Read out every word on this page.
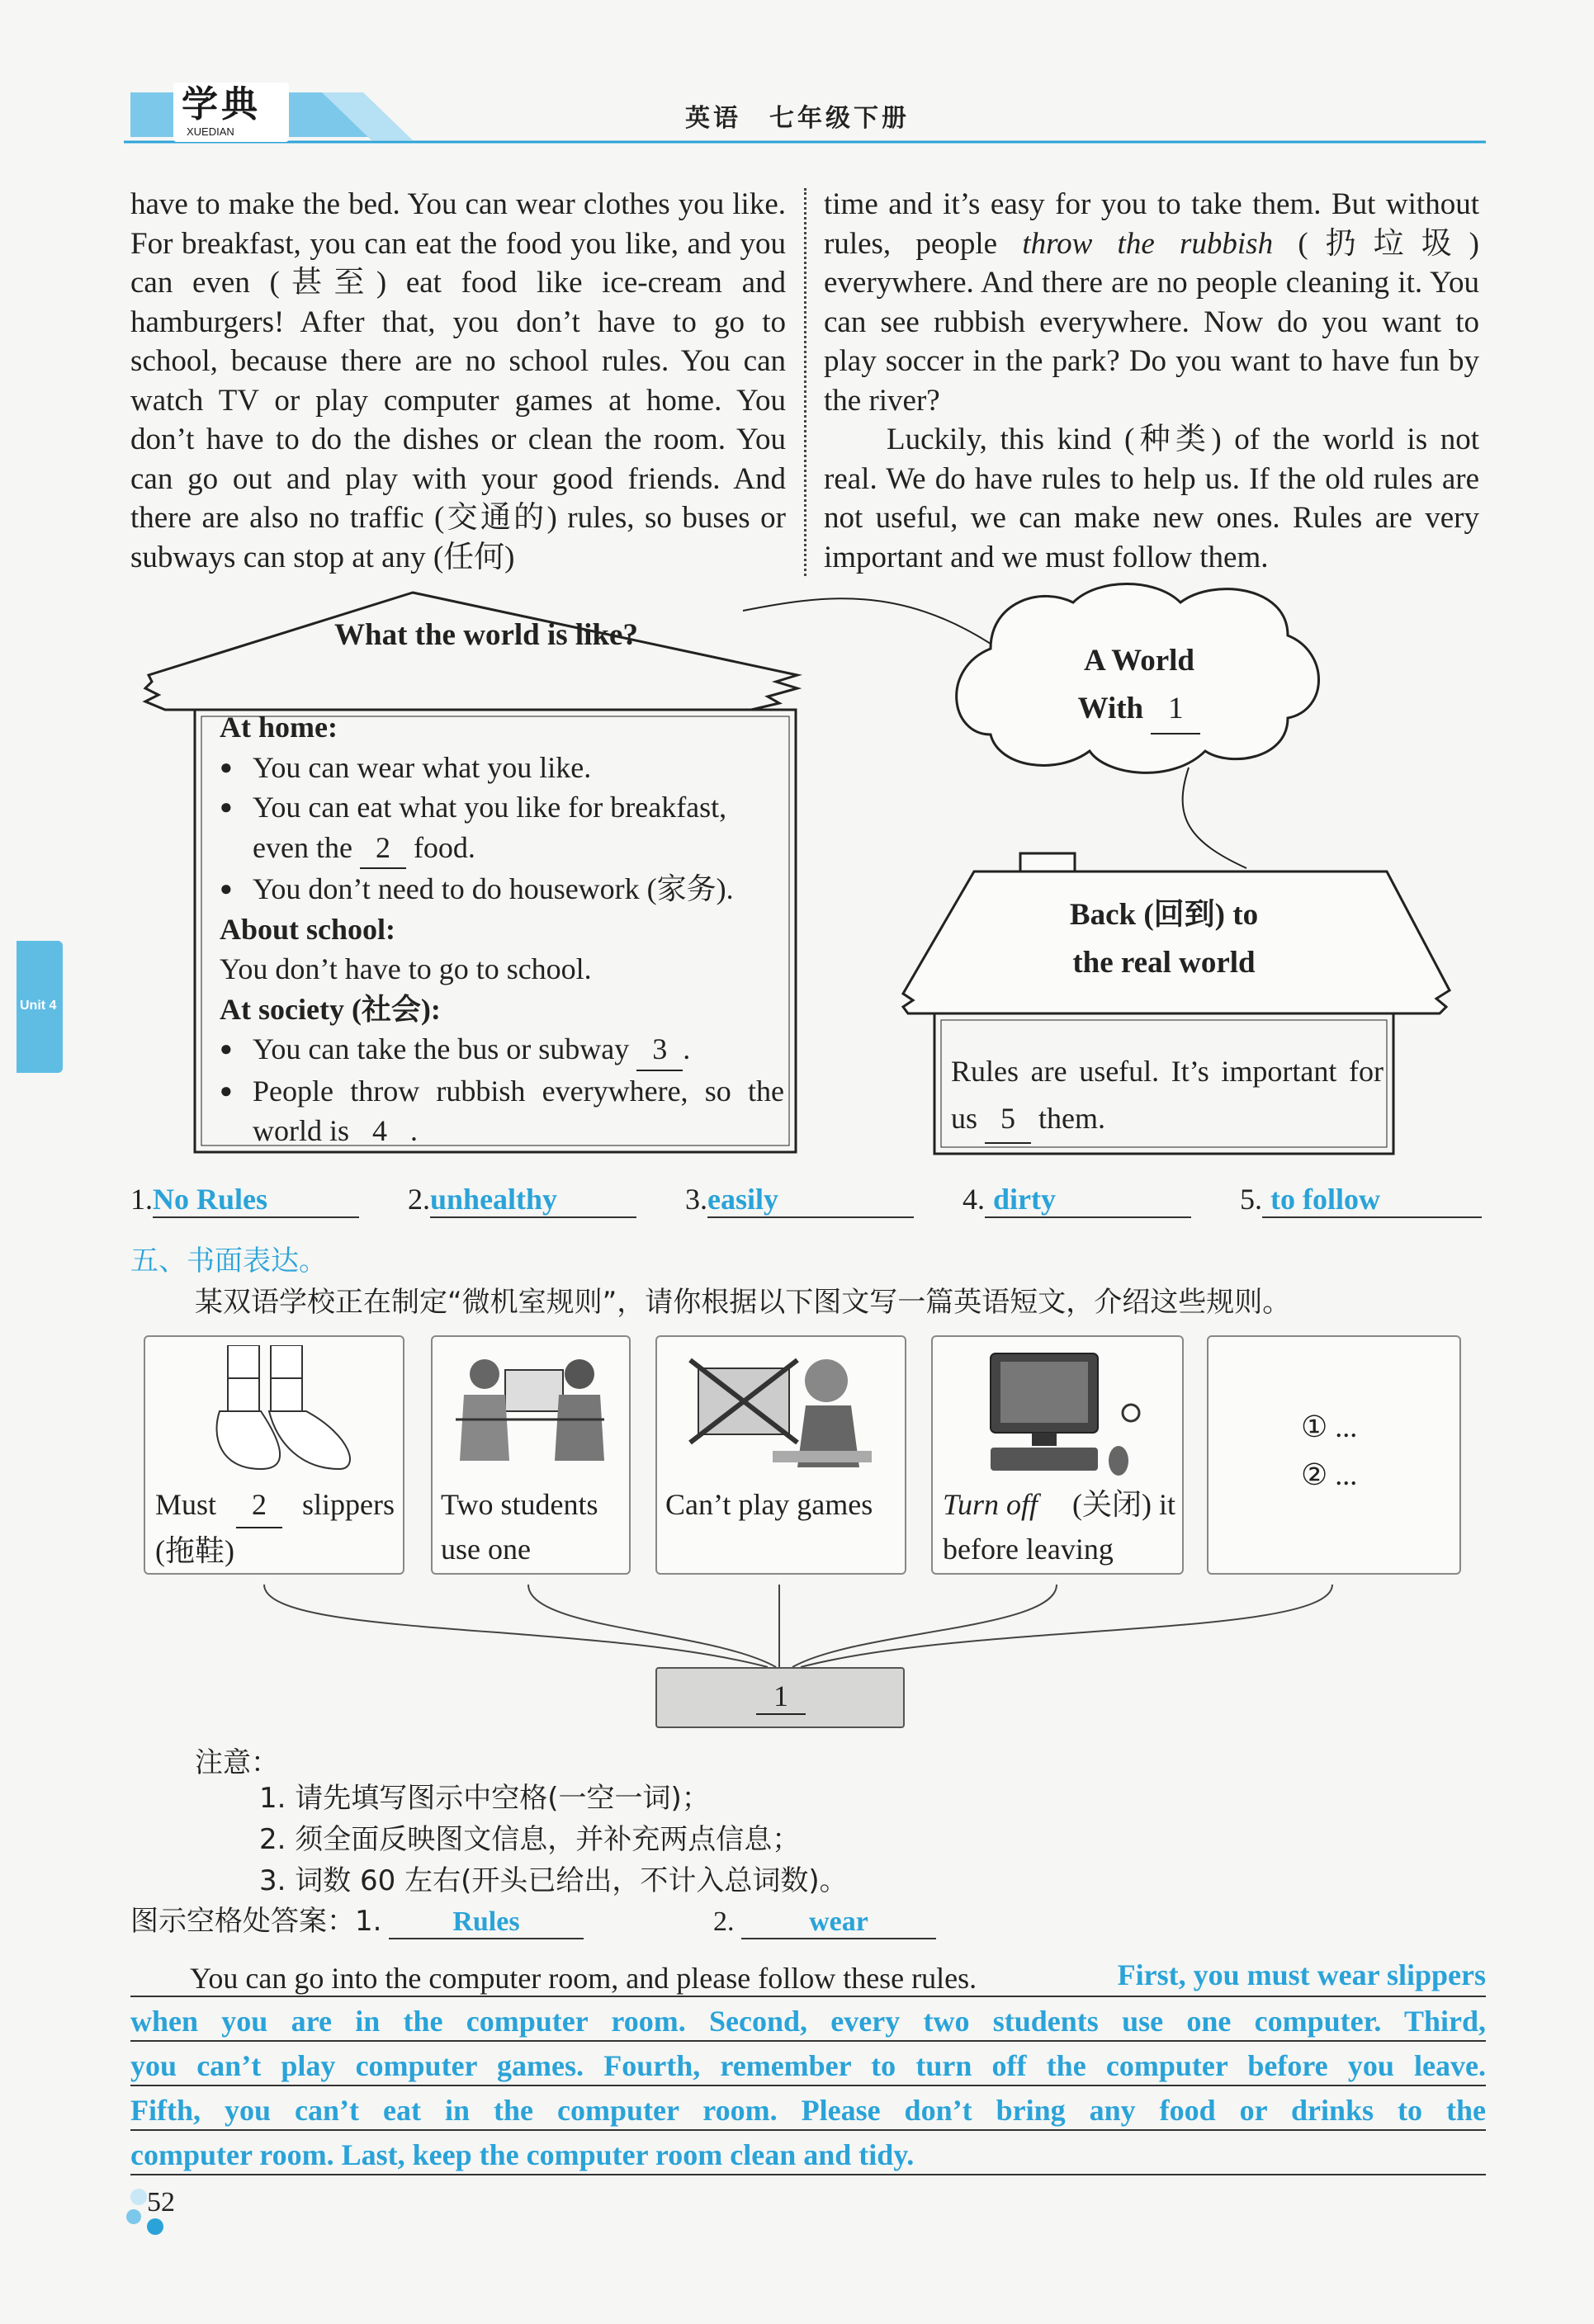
学典
XUEDIAN	英语　七年级下册
Unit 4

have to make the bed. You can wear clothes you like. For breakfast, you can eat the food you like, and you can even (甚至) eat food like ice-cream and hamburgers! After that, you don’t have to go to school, because there are no school rules. You can watch TV or play computer games at home. You don’t have to do the dishes or clean the room. You can go out and play with your good friends. And there are also no traffic (交通的) rules, so buses or subways can stop at any (任何)

time and it’s easy for you to take them. But without rules, people throw the rubbish (扔垃圾) everywhere. And there are no people cleaning it. You can see rubbish everywhere. Now do you want to play soccer in the park? Do you want to have fun by the river?

Luckily, this kind (种类) of the world is not real. We do have rules to help us. If the old rules are not useful, we can make new ones. Rules are very important and we must follow them.

What the world is like?
At home:
● You can wear what you like.
● You can eat what you like for breakfast, even the 2 food.
● You don’t need to do housework (家务).
About school:
You don’t have to go to school.
At society (社会):
● You can take the bus or subway 3 .
● People throw rubbish everywhere, so the world is 4 .
A World
With 1
Back (回到) to
the real world
Rules are useful. It’s important for us 5 them.
1.No Rules	2.unhealthy	3.easily	4. dirty	5. to follow
五、书面表达。
某双语学校正在制定“微机室规则”，请你根据以下图文写一篇英语短文，介绍这些规则。
Must	2	slippers
(拖鞋)
Two students
use one
Can’t play games	Turn off (关闭) it
before leaving
① ...
② ...
1
注意：
1. 请先填写图示中空格(一空一词)；
2. 须全面反映图文信息，并补充两点信息；
3. 词数 60 左右(开头已给出，不计入总词数)。
图示空格处答案：1.	Rules	2.	wear
You can go into the computer room, and please follow these rules.	First, you must wear slippers
when you are in the computer room. Second, every two students use one computer. Third,
you can’t play computer games. Fourth, remember to turn off the computer before you leave.
Fifth, you can’t eat in the computer room. Please don’t bring any food or drinks to the
computer room. Last, keep the computer room clean and tidy.
52
